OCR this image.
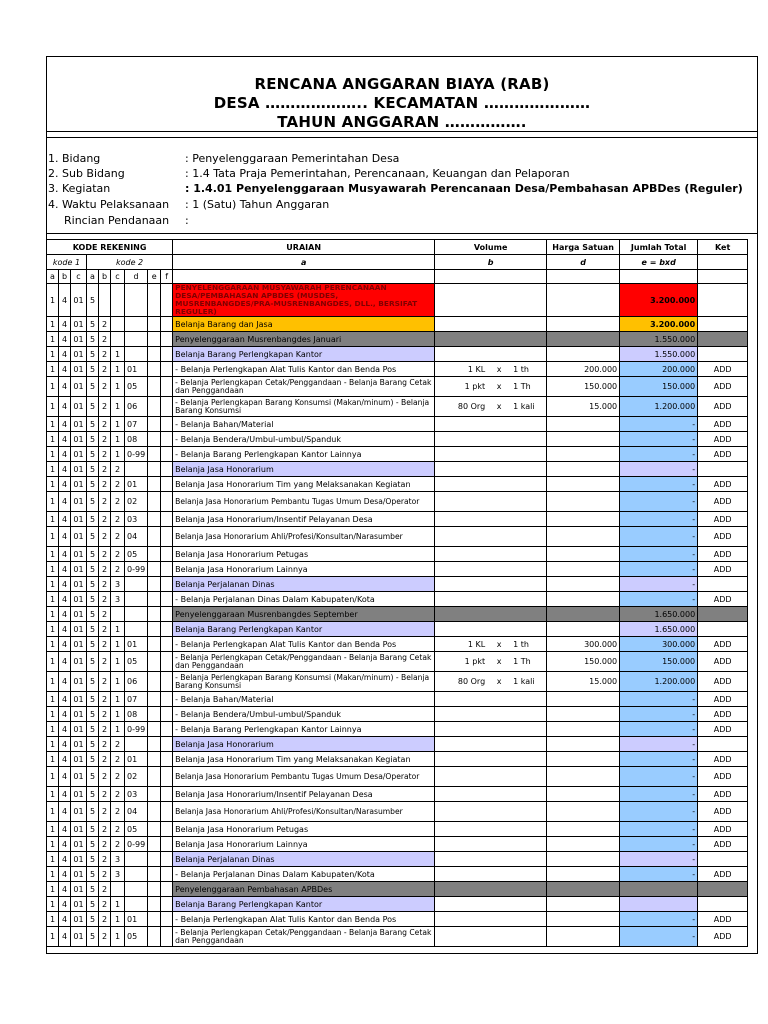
RENCANA ANGGARAN BIAYA (RAB)
DESA ……………….. KECAMATAN …………………
TAHUN ANGGARAN …………….
1. Bidang	: Penyelenggaraan Pemerintahan Desa
2. Sub Bidang	: 1.4 Tata Praja Pemerintahan, Perencanaan, Keuangan dan Pelaporan
3. Kegiatan	: 1.4.01 Penyelenggaraan Musyawarah Perencanaan Desa/Pembahasan APBDes (Reguler)
4. Waktu Pelaksanaan : 1 (Satu) Tahun Anggaran
Rincian Pendanaan :
KODE REKENING									URAIAN	Volume	Harga Satuan	Jumlah Total	Ket
kode 1			kode 2						a	b	d	e = bxd	
a	b	c	a	b	c	d	e	f					
1	4	01	5						PENYELENGGARAAN MUSYAWARAH PERENCANAAN DESA/PEMBAHASAN APBDES (MUSDES, MUSRENBANGDES/PRA-MUSRENBANGDES, DLL., BERSIFAT REGULER)			3.200.000	
1	4	01	5	2					Belanja Barang dan Jasa			3.200.000	
1	4	01	5	2					Penyelenggaraan Musrenbangdes Januari			1.550.000	
1	4	01	5	2	1				Belanja Barang Perlengkapan Kantor			1.550.000	
1	4	01	5	2	1	01			- Belanja Perlengkapan Alat Tulis Kantor dan Benda Pos	1 KL x 1 th	200.000	200.000	ADD
1	4	01	5	2	1	05			- Belanja Perlengkapan Cetak/Penggandaan - Belanja Barang Cetak dan Penggandaan	1 pkt x 1 Th	150.000	150.000	ADD
1	4	01	5	2	1	06			- Belanja Perlengkapan Barang Konsumsi (Makan/minum) - Belanja Barang Konsumsi	80 Org x 1 kali	15.000	1.200.000	ADD
1	4	01	5	2	1	07			- Belanja Bahan/Material			-	ADD
1	4	01	5	2	1	08			- Belanja Bendera/Umbul-umbul/Spanduk			-	ADD
1	4	01	5	2	1	0-99			- Belanja Barang Perlengkapan Kantor Lainnya			-	ADD
1	4	01	5	2	2				Belanja Jasa Honorarium			-	
1	4	01	5	2	2	01			Belanja Jasa Honorarium Tim yang Melaksanakan Kegiatan			-	ADD
1	4	01	5	2	2	02			Belanja Jasa Honorarium Pembantu Tugas Umum Desa/Operator			-	ADD
1	4	01	5	2	2	03			Belanja Jasa Honorarium/Insentif Pelayanan Desa			-	ADD
1	4	01	5	2	2	04			Belanja Jasa Honorarium Ahli/Profesi/Konsultan/Narasumber			-	ADD
1	4	01	5	2	2	05			Belanja Jasa Honorarium Petugas			-	ADD
1	4	01	5	2	2	0-99			Belanja Jasa Honorarium Lainnya			-	ADD
1	4	01	5	2	3				Belanja Perjalanan Dinas			-	
1	4	01	5	2	3				- Belanja Perjalanan Dinas Dalam Kabupaten/Kota			-	ADD
1	4	01	5	2					Penyelenggaraan Musrenbangdes September			1.650.000	
1	4	01	5	2	1				Belanja Barang Perlengkapan Kantor			1.650.000	
1	4	01	5	2	1	01			- Belanja Perlengkapan Alat Tulis Kantor dan Benda Pos	1 KL x 1 th	300.000	300.000	ADD
1	4	01	5	2	1	05			- Belanja Perlengkapan Cetak/Penggandaan - Belanja Barang Cetak dan Penggandaan	1 pkt x 1 Th	150.000	150.000	ADD
1	4	01	5	2	1	06			- Belanja Perlengkapan Barang Konsumsi (Makan/minum) - Belanja Barang Konsumsi	80 Org x 1 kali	15.000	1.200.000	ADD
1	4	01	5	2	1	07			- Belanja Bahan/Material			-	ADD
1	4	01	5	2	1	08			- Belanja Bendera/Umbul-umbul/Spanduk			-	ADD
1	4	01	5	2	1	0-99			- Belanja Barang Perlengkapan Kantor Lainnya			-	ADD
1	4	01	5	2	2				Belanja Jasa Honorarium			-	
1	4	01	5	2	2	01			Belanja Jasa Honorarium Tim yang Melaksanakan Kegiatan			-	ADD
1	4	01	5	2	2	02			Belanja Jasa Honorarium Pembantu Tugas Umum Desa/Operator			-	ADD
1	4	01	5	2	2	03			Belanja Jasa Honorarium/Insentif Pelayanan Desa			-	ADD
1	4	01	5	2	2	04			Belanja Jasa Honorarium Ahli/Profesi/Konsultan/Narasumber			-	ADD
1	4	01	5	2	2	05			Belanja Jasa Honorarium Petugas			-	ADD
1	4	01	5	2	2	0-99			Belanja Jasa Honorarium Lainnya			-	ADD
1	4	01	5	2	3				Belanja Perjalanan Dinas			-	
1	4	01	5	2	3				- Belanja Perjalanan Dinas Dalam Kabupaten/Kota			-	ADD
1	4	01	5	2					Penyelenggaraan Pembahasan APBDes				
1	4	01	5	2	1				Belanja Barang Perlengkapan Kantor				
1	4	01	5	2	1	01			- Belanja Perlengkapan Alat Tulis Kantor dan Benda Pos			-	ADD
1	4	01	5	2	1	05			- Belanja Perlengkapan Cetak/Penggandaan - Belanja Barang Cetak dan Penggandaan			-	ADD
